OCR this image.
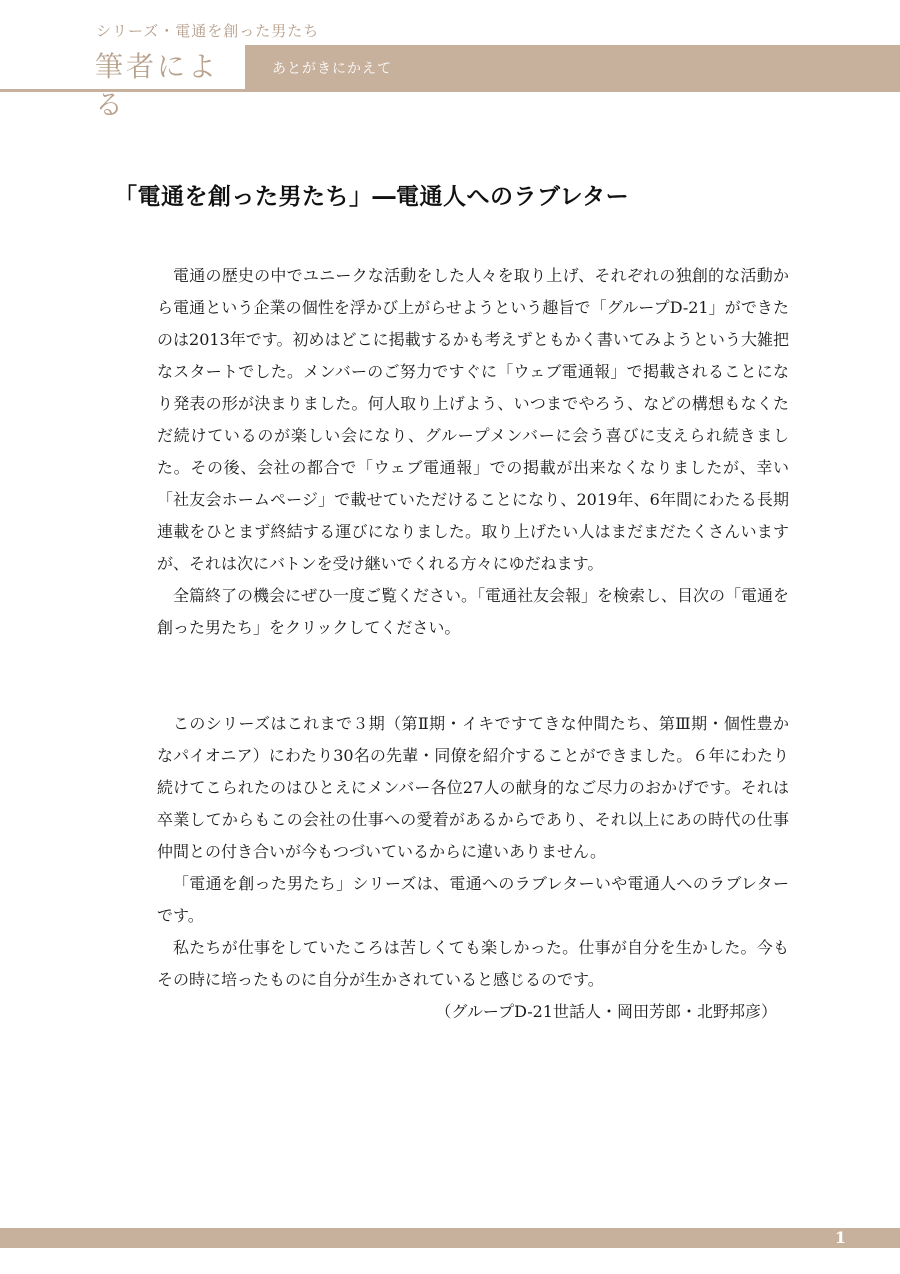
シリーズ・電通を創った男たち
筆者による
あとがきにかえて
「電通を創った男たち」―電通人へのラブレター

電通の歴史の中でユニークな活動をした人々を取り上げ、それぞれの独創的な活動から電通という企業の個性を浮かび上がらせようという趣旨で「グループD-21」ができたのは2013年です。初めはどこに掲載するかも考えずともかく書いてみようという大雑把なスタートでした。メンバーのご努力ですぐに「ウェブ電通報」で掲載されることになり発表の形が決まりました。何人取り上げよう、いつまでやろう、などの構想もなくただ続けているのが楽しい会になり、グループメンバーに会う喜びに支えられ続きました。その後、会社の都合で「ウェブ電通報」での掲載が出来なくなりましたが、幸い「社友会ホームページ」で載せていただけることになり、2019年、6年間にわたる長期連載をひとまず終結する運びになりました。取り上げたい人はまだまだたくさんいますが、それは次にバトンを受け継いでくれる方々にゆだねます。

全篇終了の機会にぜひ一度ご覧ください。「電通社友会報」を検索し、目次の「電通を創った男たち」をクリックしてください。

このシリーズはこれまで３期（第Ⅱ期・イキですてきな仲間たち、第Ⅲ期・個性豊かなパイオニア）にわたり30名の先輩・同僚を紹介することができました。６年にわたり続けてこられたのはひとえにメンバー各位27人の献身的なご尽力のおかげです。それは卒業してからもこの会社の仕事への愛着があるからであり、それ以上にあの時代の仕事仲間との付き合いが今もつづいているからに違いありません。

「電通を創った男たち」シリーズは、電通へのラブレターいや電通人へのラブレターです。

私たちが仕事をしていたころは苦しくても楽しかった。仕事が自分を生かした。今もその時に培ったものに自分が生かされていると感じるのです。

（グループD-21世話人・岡田芳郎・北野邦彦）

1
